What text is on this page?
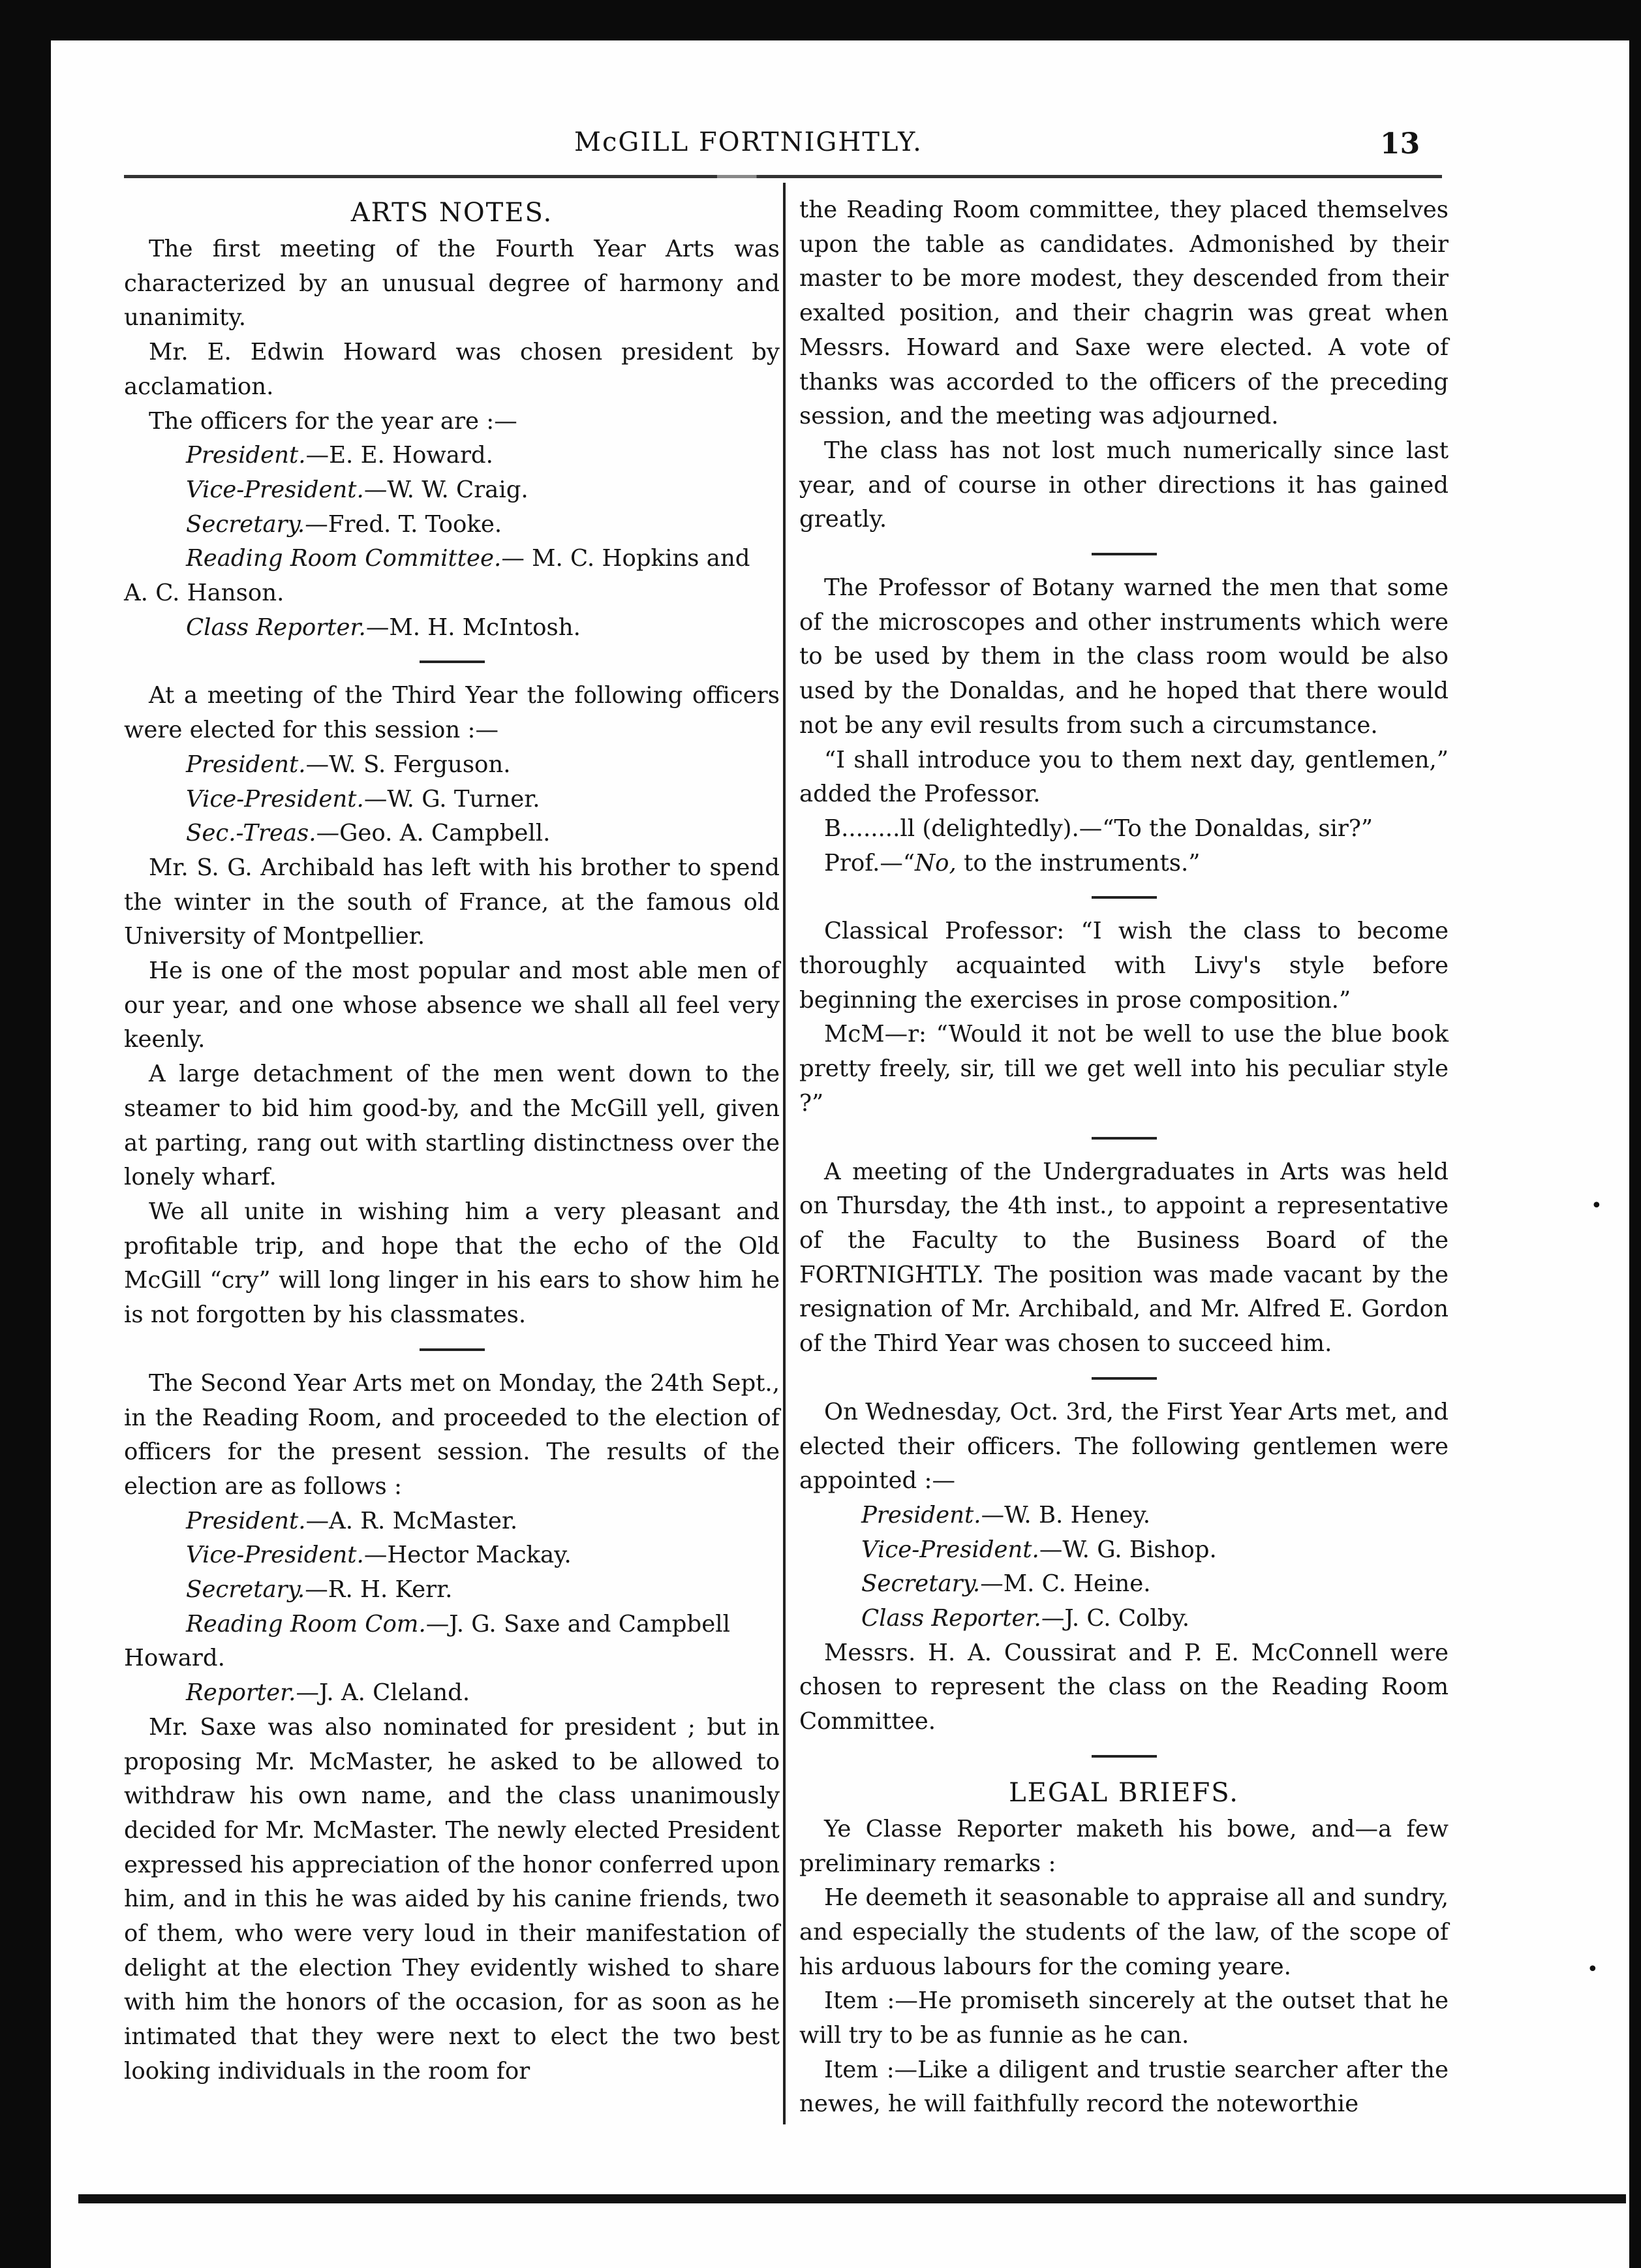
McGILL FORTNIGHTLY.	13
•
•
ARTS NOTES.

The first meeting of the Fourth Year Arts was characterized by an unusual degree of harmony and unanimity.

Mr. E. Edwin Howard was chosen president by acclamation.

The officers for the year are :—

President.—E. E. Howard.

Vice-President.—W. W. Craig.

Secretary.—Fred. T. Tooke.

Reading Room Committee.— M. C. Hopkins and A. C. Hanson.

Class Reporter.—M. H. McIntosh.

At a meeting of the Third Year the following officers were elected for this session :—

President.—W. S. Ferguson.

Vice-President.—W. G. Turner.

Sec.-Treas.—Geo. A. Campbell.

Mr. S. G. Archibald has left with his brother to spend the winter in the south of France, at the famous old University of Montpellier.

He is one of the most popular and most able men of our year, and one whose absence we shall all feel very keenly.

A large detachment of the men went down to the steamer to bid him good-by, and the McGill yell, given at parting, rang out with startling distinctness over the lonely wharf.

We all unite in wishing him a very pleasant and profitable trip, and hope that the echo of the Old McGill “cry” will long linger in his ears to show him he is not forgotten by his classmates.

The Second Year Arts met on Monday, the 24th Sept., in the Reading Room, and proceeded to the election of officers for the present session. The results of the election are as follows :

President.—A. R. McMaster.

Vice-President.—Hector Mackay.

Secretary.—R. H. Kerr.

Reading Room Com.—J. G. Saxe and Campbell Howard.

Reporter.—J. A. Cleland.

Mr. Saxe was also nominated for president ; but in proposing Mr. McMaster, he asked to be allowed to withdraw his own name, and the class unanimously decided for Mr. McMaster. The newly elected President expressed his appreciation of the honor conferred upon him, and in this he was aided by his canine friends, two of them, who were very loud in their manifestation of delight at the election They evidently wished to share with him the honors of the occasion, for as soon as he intimated that they were next to elect the two best looking individuals in the room for

the Reading Room committee, they placed themselves upon the table as candidates. Admonished by their master to be more modest, they descended from their exalted position, and their chagrin was great when Messrs. Howard and Saxe were elected. A vote of thanks was accorded to the officers of the preceding session, and the meeting was adjourned.

The class has not lost much numerically since last year, and of course in other directions it has gained greatly.

The Professor of Botany warned the men that some of the microscopes and other instruments which were to be used by them in the class room would be also used by the Donaldas, and he hoped that there would not be any evil results from such a circumstance.

“I shall introduce you to them next day, gentlemen,” added the Professor.

B........ll (delightedly).—“To the Donaldas, sir?”

Prof.—“No, to the instruments.”

Classical Professor: “I wish the class to become thoroughly acquainted with Livy's style before beginning the exercises in prose composition.”

McM—r: “Would it not be well to use the blue book pretty freely, sir, till we get well into his peculiar style ?”

A meeting of the Undergraduates in Arts was held on Thursday, the 4th inst., to appoint a representative of the Faculty to the Business Board of the FORTNIGHTLY. The position was made vacant by the resignation of Mr. Archibald, and Mr. Alfred E. Gordon of the Third Year was chosen to succeed him.

On Wednesday, Oct. 3rd, the First Year Arts met, and elected their officers. The following gentlemen were appointed :—

President.—W. B. Heney.

Vice-President.—W. G. Bishop.

Secretary.—M. C. Heine.

Class Reporter.—J. C. Colby.

Messrs. H. A. Coussirat and P. E. McConnell were chosen to represent the class on the Reading Room Committee.

LEGAL BRIEFS.

Ye Classe Reporter maketh his bowe, and—a few preliminary remarks :

He deemeth it seasonable to appraise all and sundry, and especially the students of the law, of the scope of his arduous labours for the coming yeare.

Item :—He promiseth sincerely at the outset that he will try to be as funnie as he can.

Item :—Like a diligent and trustie searcher after the newes, he will faithfully record the noteworthie
